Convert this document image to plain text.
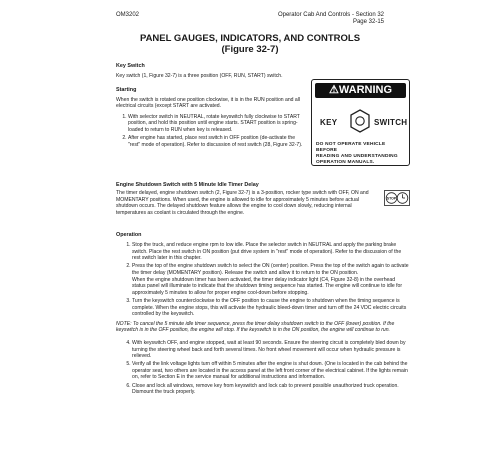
OM3202	Operator Cab And Controls - Section 32
Page 32-15
PANEL GAUGES, INDICATORS, AND CONTROLS
(Figure 32-7)
Key Switch
Key switch (1, Figure 32-7) is a three position (OFF, RUN, START) switch.
Starting
When the switch is rotated one position clockwise, it is in the RUN position and all electrical circuits (except START are activated.
1. With selector switch in NEUTRAL, rotate keyswitch fully clockwise to START position, and hold this position until engine starts. START position is spring-loaded to return to RUN when key is released.
2. After engine has started, place rest switch in OFF position (de-activate the "rest" mode of operation). Refer to discussion of rest switch (28, Figure 32-7).
⚠WARNING
KEY	SWITCH
DO NOT OPERATE VEHICLE BEFORE
READING AND UNDERSTANDING
OPERATION MANUALS.
Engine Shutdown Switch with 5 Minute Idle Timer Delay
The timer delayed, engine shutdown switch (2, Figure 32-7) is a 3-position, rocker type switch with OFF, ON and MOMENTARY positions. When used, the engine is allowed to idle for approximately 5 minutes before actual shutdown occurs. The delayed shutdown feature allows the engine to cool down slowly, reducing internal temperatures as coolant is circulated through the engine.
STOP
Operation
1. Stop the truck, and reduce engine rpm to low idle. Place the selector switch in NEUTRAL and apply the parking brake switch. Place the rest switch in ON position (put drive system in "rest" mode of operation). Refer to the discussion of the rest switch later in this chapter.
2. Press the top of the engine shutdown switch to select the ON (center) position. Press the top of the switch again to activate the timer delay (MOMENTARY position). Release the switch and allow it to return to the ON position.
When the engine shutdown timer has been activated, the timer delay indicator light (C4, Figure 32-8) in the overhead status panel will illuminate to indicate that the shutdown timing sequence has started. The engine will continue to idle for approximately 5 minutes to allow for proper engine cool-down before stopping.
3. Turn the keyswitch counterclockwise to the OFF position to cause the engine to shutdown when the timing sequence is complete. When the engine stops, this will activate the hydraulic bleed-down timer and turn off the 24 VDC electric circuits controlled by the keyswitch.
NOTE: To cancel the 5 minute idle timer sequence, press the timer delay shutdown switch to the OFF (lower) position. If the keyswitch is in the OFF position, the engine will stop. If the keyswitch is in the ON position, the engine will continue to run.
4. With keyswitch OFF, and engine stopped, wait at least 90 seconds. Ensure the steering circuit is completely bled down by turning the steering wheel back and forth several times. No front wheel movement will occur when hydraulic pressure is relieved.
5. Verify all the link voltage lights turn off within 5 minutes after the engine is shut down. (One is located in the cab behind the operator seat, two others are located in the access panel at the left front corner of the electrical cabinet. If the lights remain on, refer to Section E in the service manual for additional instructions and information.
6. Close and lock all windows, remove key from keyswitch and lock cab to prevent possible unauthorized truck operation. Dismount the truck properly.
